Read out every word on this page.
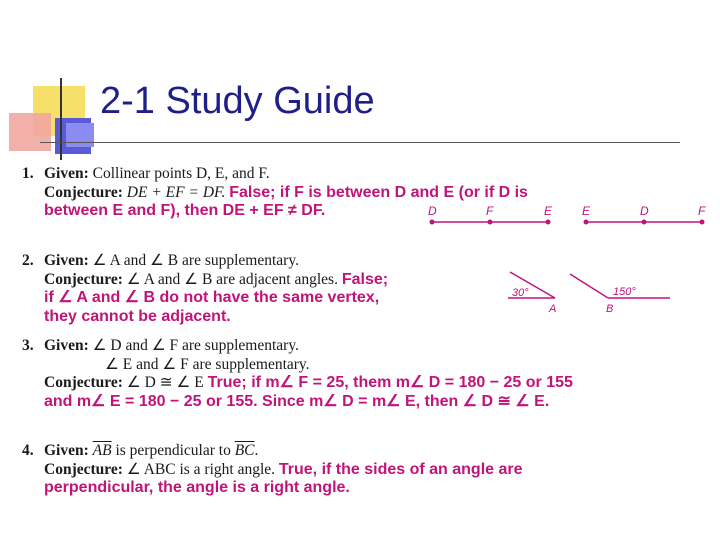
2-1 Study Guide
1. Given: Collinear points D, E, and F.
Conjecture: DE + EF = DF. False; if F is between D and E (or if D is
between E and F), then DE + EF ≠ DF.	D	F	E E	D	F
2. Given: ∠ A and ∠ B are supplementary.
Conjecture: ∠ A and ∠ B are adjacent angles. False;
if ∠ A and ∠ B do not have the same vertex,
they cannot be adjacent.
30°
A
150°
B
3. Given: ∠ D and ∠ F are supplementary.
∠ E and ∠ F are supplementary.
Conjecture: ∠ D ≅ ∠ E True; if m∠ F = 25, them m∠ D = 180 − 25 or 155
and m∠ E = 180 − 25 or 155. Since m∠ D = m∠ E, then ∠ D ≅ ∠ E.
4. Given: $\overline{AB}$ is perpendicular to $\overline{BC}$.
Conjecture: ∠ ABC is a right angle. True, if the sides of an angle are
perpendicular, the angle is a right angle.
